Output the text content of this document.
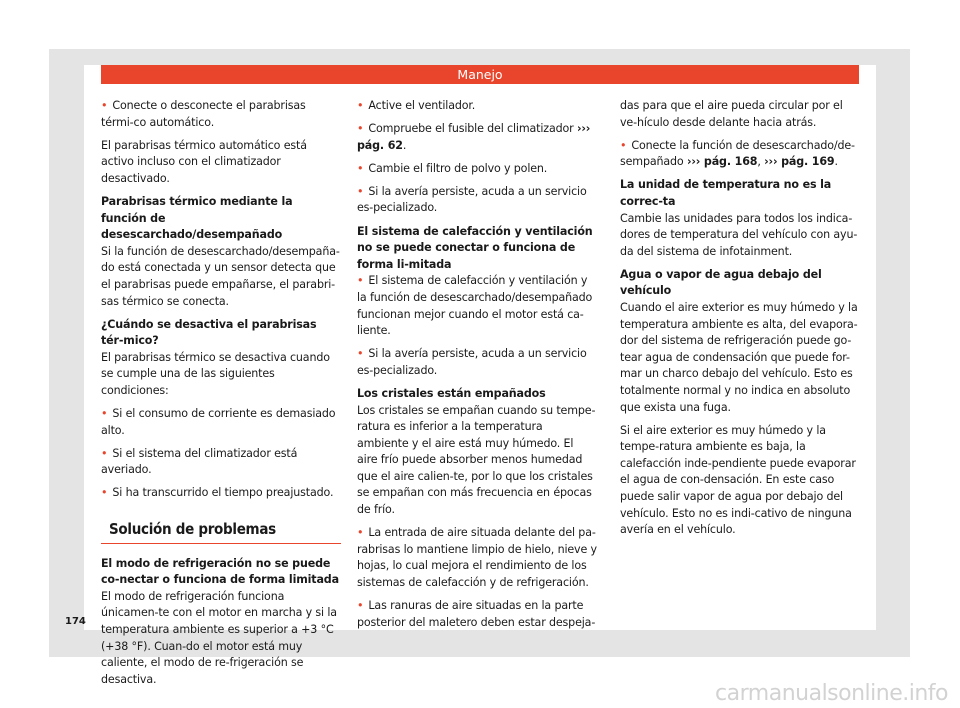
Manejo

• Conecte o desconecte el parabrisas térmi-co automático.

El parabrisas térmico automático está activo incluso con el climatizador desactivado.

Parabrisas térmico mediante la función de desescarchado/desempañado

Si la función de desescarchado/desempaña-do está conectada y un sensor detecta que el parabrisas puede empañarse, el parabri-sas térmico se conecta.

¿Cuándo se desactiva el parabrisas tér-mico?

El parabrisas térmico se desactiva cuando se cumple una de las siguientes condiciones:

• Si el consumo de corriente es demasiado alto.

• Si el sistema del climatizador está averiado.

• Si ha transcurrido el tiempo preajustado.

Solución de problemas
El modo de refrigeración no se puede co-nectar o funciona de forma limitada

El modo de refrigeración funciona únicamen-te con el motor en marcha y si la temperatura ambiente es superior a +3 °C (+38 °F). Cuan-do el motor está muy caliente, el modo de re-frigeración se desactiva.

• Active el ventilador.

• Compruebe el fusible del climatizador ››› pág. 62.

• Cambie el filtro de polvo y polen.

• Si la avería persiste, acuda a un servicio es-pecializado.

El sistema de calefacción y ventilación no se puede conectar o funciona de forma li-mitada

• El sistema de calefacción y ventilación y la función de desescarchado/desempañado funcionan mejor cuando el motor está ca-liente.

• Si la avería persiste, acuda a un servicio es-pecializado.

Los cristales están empañados

Los cristales se empañan cuando su tempe-ratura es inferior a la temperatura ambiente y el aire está muy húmedo. El aire frío puede absorber menos humedad que el aire calien-te, por lo que los cristales se empañan con más frecuencia en épocas de frío.

• La entrada de aire situada delante del pa-rabrisas lo mantiene limpio de hielo, nieve y hojas, lo cual mejora el rendimiento de los sistemas de calefacción y de refrigeración.

• Las ranuras de aire situadas en la parte posterior del maletero deben estar despeja-

das para que el aire pueda circular por el ve-hículo desde delante hacia atrás.

• Conecte la función de desescarchado/de-sempañado ››› pág. 168, ››› pág. 169.

La unidad de temperatura no es la correc-ta

Cambie las unidades para todos los indica-dores de temperatura del vehículo con ayu-da del sistema de infotainment.

Agua o vapor de agua debajo del vehículo

Cuando el aire exterior es muy húmedo y la temperatura ambiente es alta, del evapora-dor del sistema de refrigeración puede go-tear agua de condensación que puede for-mar un charco debajo del vehículo. Esto es totalmente normal y no indica en absoluto que exista una fuga.

Si el aire exterior es muy húmedo y la tempe-ratura ambiente es baja, la calefacción inde-pendiente puede evaporar el agua de con-densación. En este caso puede salir vapor de agua por debajo del vehículo. Esto no es indi-cativo de ninguna avería en el vehículo.

174
carmanualsonline.info
